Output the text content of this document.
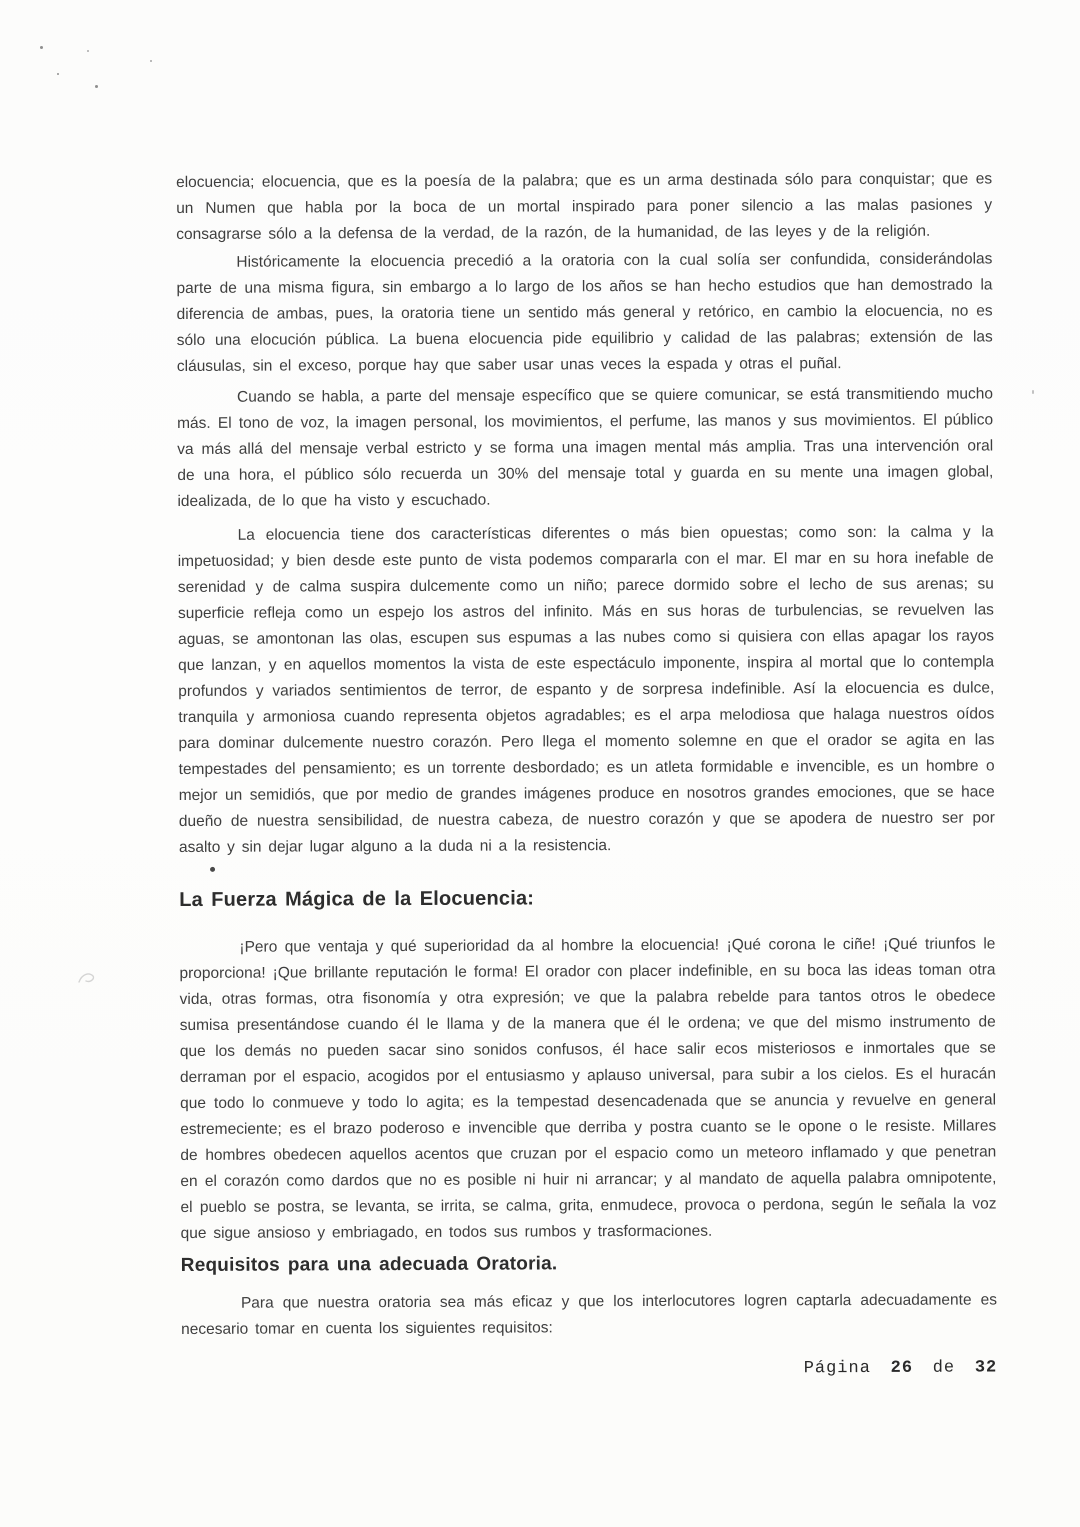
elocuencia; elocuencia, que es la poesía de la palabra; que es un arma destinada sólo para conquistar; que es un Numen que habla por la boca de un mortal inspirado para poner silencio a las malas pasiones y consagrarse sólo a la defensa de la verdad, de la razón, de la humanidad, de las leyes y de la religión.

Históricamente la elocuencia precedió a la oratoria con la cual solía ser confundida, considerándolas parte de una misma figura, sin embargo a lo largo de los años se han hecho estudios que han demostrado la diferencia de ambas, pues, la oratoria tiene un sentido más general y retórico, en cambio la elocuencia, no es sólo una elocución pública. La buena elocuencia pide equilibrio y calidad de las palabras; extensión de las cláusulas, sin el exceso, porque hay que saber usar unas veces la espada y otras el puñal.

Cuando se habla, a parte del mensaje específico que se quiere comunicar, se está transmitiendo mucho más. El tono de voz, la imagen personal, los movimientos, el perfume, las manos y sus movimientos. El público va más allá del mensaje verbal estricto y se forma una imagen mental más amplia. Tras una intervención oral de una hora, el público sólo recuerda un 30% del mensaje total y guarda en su mente una imagen global, idealizada, de lo que ha visto y escuchado.

La elocuencia tiene dos características diferentes o más bien opuestas; como son: la calma y la impetuosidad; y bien desde este punto de vista podemos compararla con el mar. El mar en su hora inefable de serenidad y de calma suspira dulcemente como un niño; parece dormido sobre el lecho de sus arenas; su superficie refleja como un espejo los astros del infinito. Más en sus horas de turbulencias, se revuelven las aguas, se amontonan las olas, escupen sus espumas a las nubes como si quisiera con ellas apagar los rayos que lanzan, y en aquellos momentos la vista de este espectáculo imponente, inspira al mortal que lo contempla profundos y variados sentimientos de terror, de espanto y de sorpresa indefinible. Así la elocuencia es dulce, tranquila y armoniosa cuando representa objetos agradables; es el arpa melodiosa que halaga nuestros oídos para dominar dulcemente nuestro corazón. Pero llega el momento solemne en que el orador se agita en las tempestades del pensamiento; es un torrente desbordado; es un atleta formidable e invencible, es un hombre o mejor un semidiós, que por medio de grandes imágenes produce en nosotros grandes emociones, que se hace dueño de nuestra sensibilidad, de nuestra cabeza, de nuestro corazón y que se apodera de nuestro ser por asalto y sin dejar lugar alguno a la duda ni a la resistencia.

La Fuerza Mágica de la Elocuencia:

¡Pero que ventaja y qué superioridad da al hombre la elocuencia! ¡Qué corona le ciñe! ¡Qué triunfos le proporciona! ¡Que brillante reputación le forma! El orador con placer indefinible, en su boca las ideas toman otra vida, otras formas, otra fisonomía y otra expresión; ve que la palabra rebelde para tantos otros le obedece sumisa presentándose cuando él le llama y de la manera que él le ordena; ve que del mismo instrumento de que los demás no pueden sacar sino sonidos confusos, él hace salir ecos misteriosos e inmortales que se derraman por el espacio, acogidos por el entusiasmo y aplauso universal, para subir a los cielos. Es el huracán que todo lo conmueve y todo lo agita; es la tempestad desencadenada que se anuncia y revuelve en general estremeciente; es el brazo poderoso e invencible que derriba y postra cuanto se le opone o le resiste. Millares de hombres obedecen aquellos acentos que cruzan por el espacio como un meteoro inflamado y que penetran en el corazón como dardos que no es posible ni huir ni arrancar; y al mandato de aquella palabra omnipotente, el pueblo se postra, se levanta, se irrita, se calma, grita, enmudece, provoca o perdona, según le señala la voz que sigue ansioso y embriagado, en todos sus rumbos y trasformaciones.

Requisitos para una adecuada Oratoria.

Para que nuestra oratoria sea más eficaz y que los interlocutores logren captarla adecuadamente es necesario tomar en cuenta los siguientes requisitos:

Página 26 de 32
